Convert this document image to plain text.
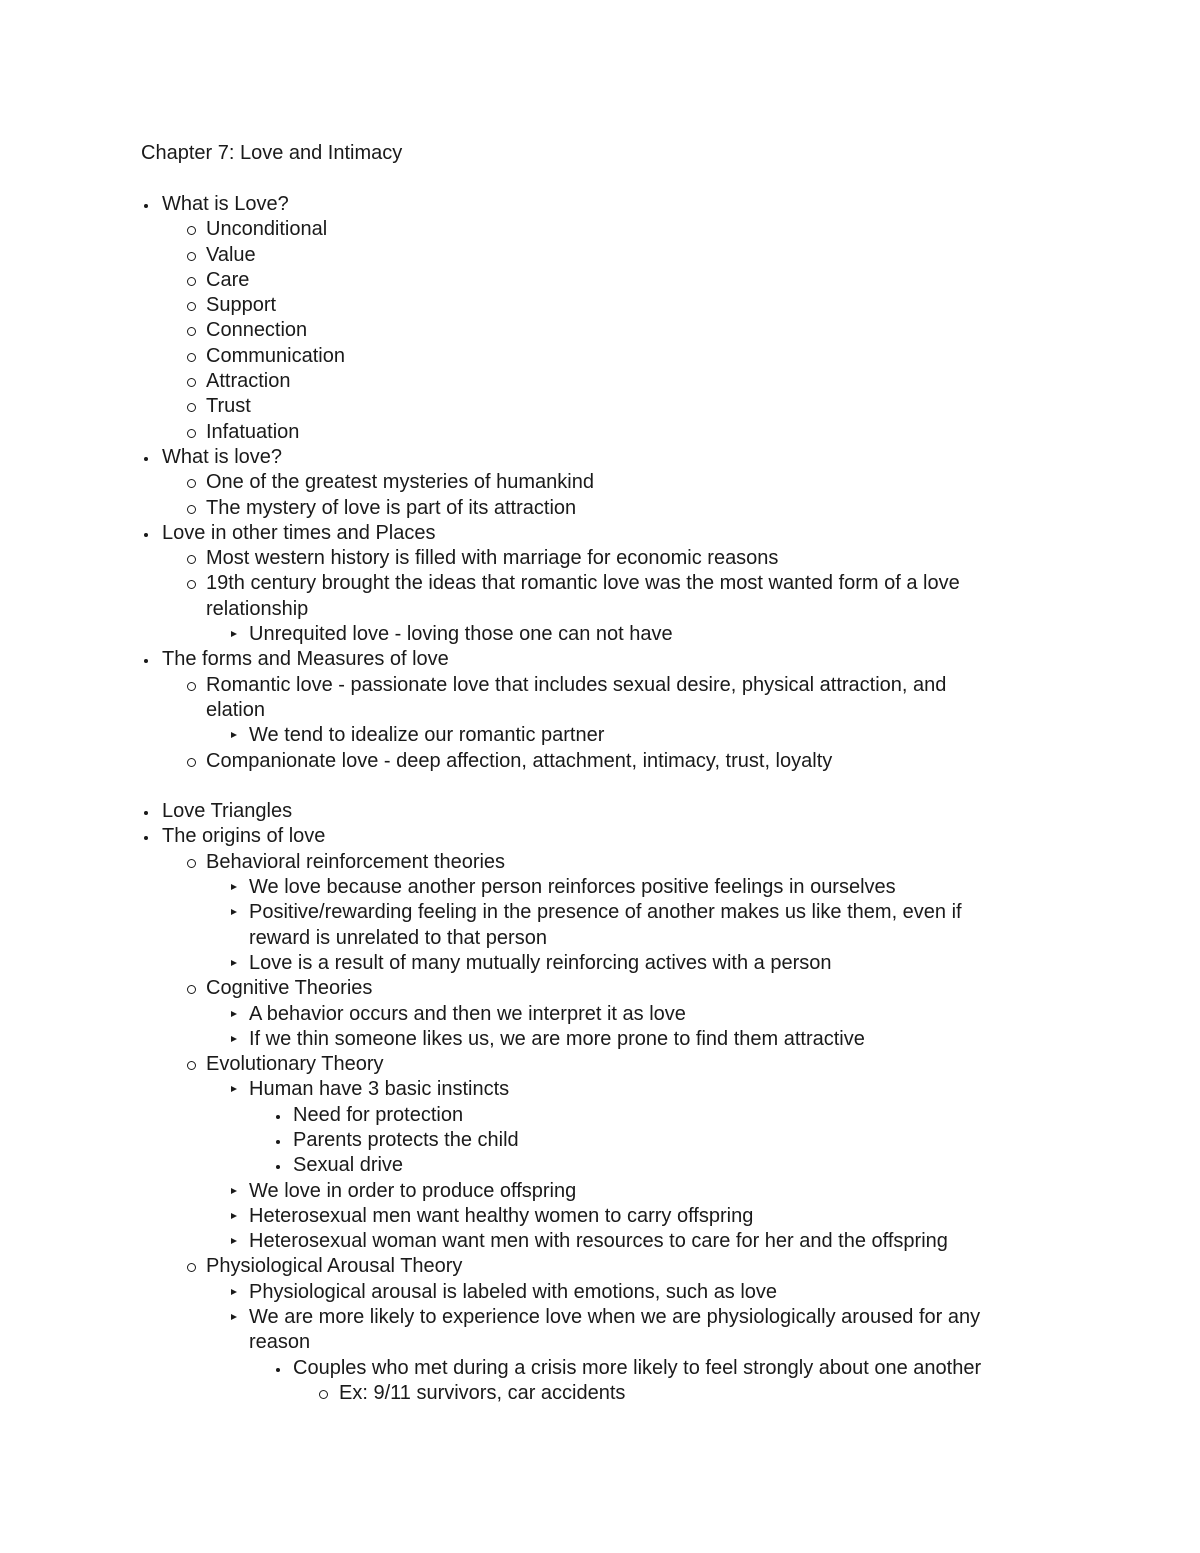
Chapter 7: Love and Intimacy
What is Love?
Unconditional
Value
Care
Support
Connection
Communication
Attraction
Trust
Infatuation
What is love?
One of the greatest mysteries of humankind
The mystery of love is part of its attraction
Love in other times and Places
Most western history is filled with marriage for economic reasons
19th century brought the ideas that romantic love was the most wanted form of a love
relationship
Unrequited love - loving those one can not have
The forms and Measures of love
Romantic love - passionate love that includes sexual desire, physical attraction, and
elation
We tend to idealize our romantic partner
Companionate love - deep affection, attachment, intimacy, trust, loyalty
Love Triangles
The origins of love
Behavioral reinforcement theories
We love because another person reinforces positive feelings in ourselves
Positive/rewarding feeling in the presence of another makes us like them, even if
reward is unrelated to that person
Love is a result of many mutually reinforcing actives with a person
Cognitive Theories
A behavior occurs and then we interpret it as love
If we thin someone likes us, we are more prone to find them attractive
Evolutionary Theory
Human have 3 basic instincts
Need for protection
Parents protects the child
Sexual drive
We love in order to produce offspring
Heterosexual men want healthy women to carry offspring
Heterosexual woman want men with resources to care for her and the offspring
Physiological Arousal Theory
Physiological arousal is labeled with emotions, such as love
We are more likely to experience love when we are physiologically aroused for any
reason
Couples who met during a crisis more likely to feel strongly about one another
Ex: 9/11 survivors, car accidents
